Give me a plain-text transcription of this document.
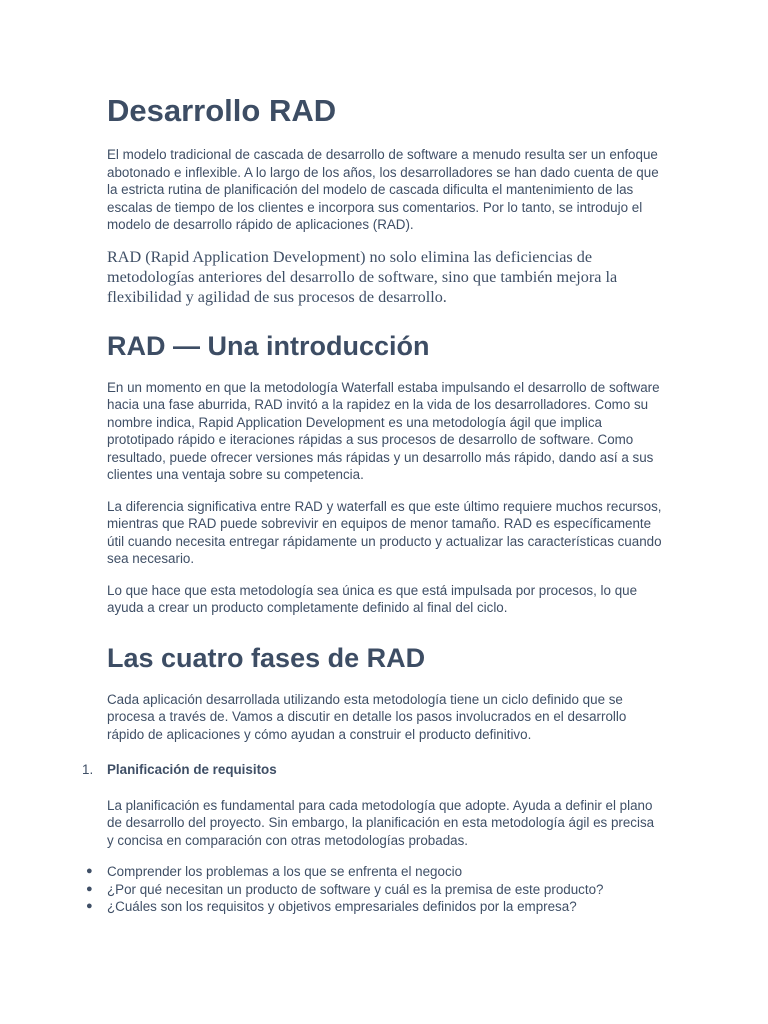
Desarrollo RAD

El modelo tradicional de cascada de desarrollo de software a menudo resulta ser un enfoque abotonado e inflexible. A lo largo de los años, los desarrolladores se han dado cuenta de que la estricta rutina de planificación del modelo de cascada dificulta el mantenimiento de las escalas de tiempo de los clientes e incorpora sus comentarios. Por lo tanto, se introdujo el modelo de desarrollo rápido de aplicaciones (RAD).

RAD (Rapid Application Development) no solo elimina las deficiencias de metodologías anteriores del desarrollo de software, sino que también mejora la flexibilidad y agilidad de sus procesos de desarrollo.

RAD — Una introducción

En un momento en que la metodología Waterfall estaba impulsando el desarrollo de software hacia una fase aburrida, RAD invitó a la rapidez en la vida de los desarrolladores. Como su nombre indica, Rapid Application Development es una metodología ágil que implica prototipado rápido e iteraciones rápidas a sus procesos de desarrollo de software. Como resultado, puede ofrecer versiones más rápidas y un desarrollo más rápido, dando así a sus clientes una ventaja sobre su competencia.

La diferencia significativa entre RAD y waterfall es que este último requiere muchos recursos, mientras que RAD puede sobrevivir en equipos de menor tamaño. RAD es específicamente útil cuando necesita entregar rápidamente un producto y actualizar las características cuando sea necesario.

Lo que hace que esta metodología sea única es que está impulsada por procesos, lo que ayuda a crear un producto completamente definido al final del ciclo.

Las cuatro fases de RAD

Cada aplicación desarrollada utilizando esta metodología tiene un ciclo definido que se procesa a través de. Vamos a discutir en detalle los pasos involucrados en el desarrollo rápido de aplicaciones y cómo ayudan a construir el producto definitivo.

1. Planificación de requisitos

La planificación es fundamental para cada metodología que adopte. Ayuda a definir el plano de desarrollo del proyecto. Sin embargo, la planificación en esta metodología ágil es precisa y concisa en comparación con otras metodologías probadas.

● Comprender los problemas a los que se enfrenta el negocio
● ¿Por qué necesitan un producto de software y cuál es la premisa de este producto?
● ¿Cuáles son los requisitos y objetivos empresariales definidos por la empresa?
